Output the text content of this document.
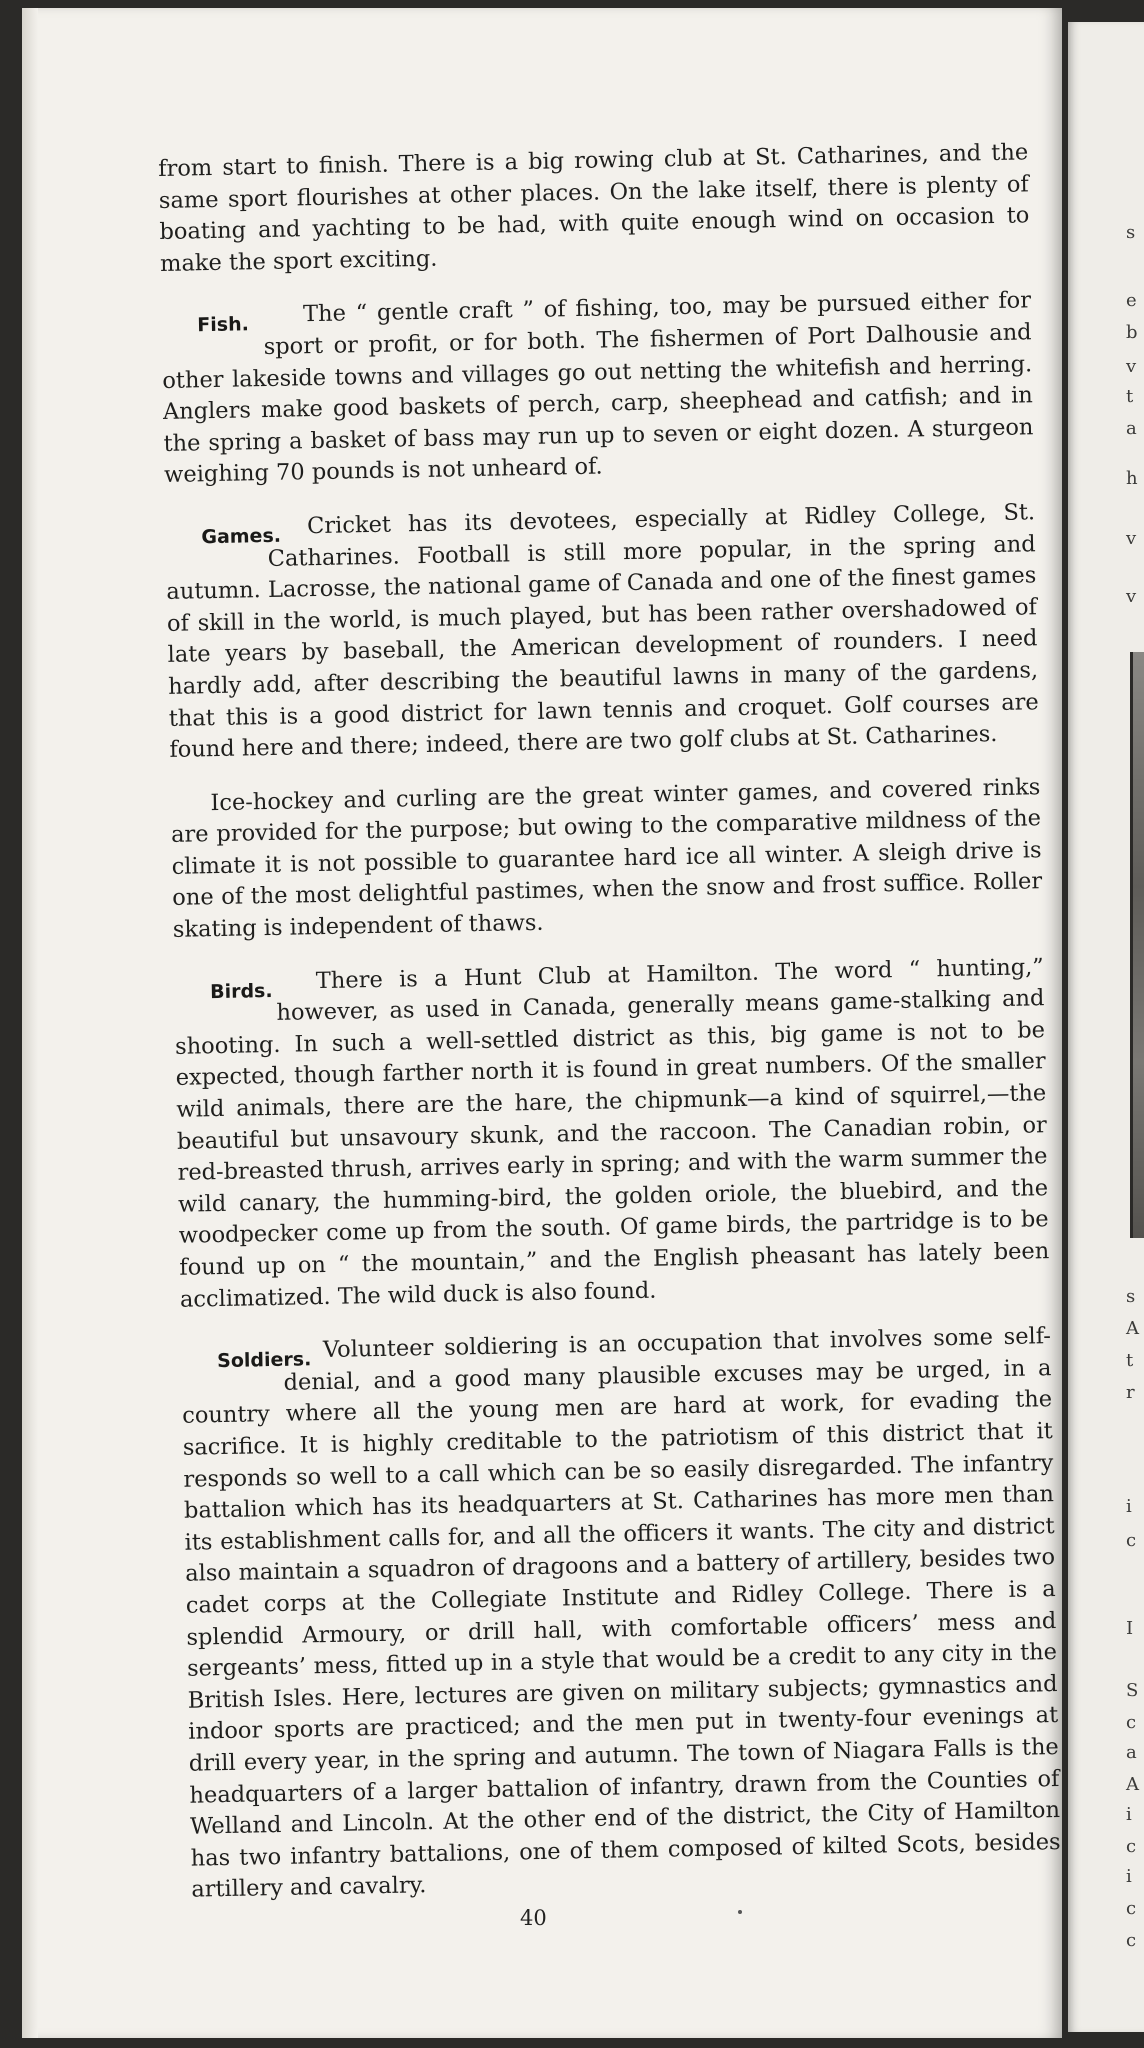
from start to finish. There is a big rowing club at St. Catharines, and the same sport flourishes at other places. On the lake itself, there is plenty of boating and yachting to be had, with quite enough wind on occasion to make the sport exciting.

Fish. The “ gentle craft ” of fishing, too, may be pursued either for sport or profit, or for both. The fishermen of Port Dalhousie and other lakeside towns and villages go out netting the whitefish and herring. Anglers make good baskets of perch, carp, sheephead and catfish; and in the spring a basket of bass may run up to seven or eight dozen. A sturgeon weighing 70 pounds is not unheard of.

Games. Cricket has its devotees, especially at Ridley College, St. Catharines. Football is still more popular, in the spring and autumn. Lacrosse, the national game of Canada and one of the finest games of skill in the world, is much played, but has been rather overshadowed of late years by baseball, the American development of rounders. I need hardly add, after describing the beautiful lawns in many of the gardens, that this is a good district for lawn tennis and croquet. Golf courses are found here and there; indeed, there are two golf clubs at St. Catharines.

Ice-hockey and curling are the great winter games, and covered rinks are provided for the purpose; but owing to the comparative mildness of the climate it is not possible to guarantee hard ice all winter. A sleigh drive is one of the most delightful pastimes, when the snow and frost suffice. Roller skating is independent of thaws.

Birds. There is a Hunt Club at Hamilton. The word “ hunting,” however, as used in Canada, generally means game-stalking and shooting. In such a well-settled district as this, big game is not to be expected, though farther north it is found in great numbers. Of the smaller wild animals, there are the hare, the chipmunk—a kind of squirrel,—the beautiful but unsavoury skunk, and the raccoon. The Canadian robin, or red-breasted thrush, arrives early in spring; and with the warm summer the wild canary, the humming-bird, the golden oriole, the bluebird, and the woodpecker come up from the south. Of game birds, the partridge is to be found up on “ the mountain,” and the English pheasant has lately been acclimatized. The wild duck is also found.

Soldiers. Volunteer soldiering is an occupation that involves some self-denial, and a good many plausible excuses may be urged, in a country where all the young men are hard at work, for evading the sacrifice. It is highly creditable to the patriotism of this district that it responds so well to a call which can be so easily disregarded. The infantry battalion which has its headquarters at St. Catharines has more men than its establishment calls for, and all the officers it wants. The city and district also maintain a squadron of dragoons and a battery of artillery, besides two cadet corps at the Collegiate Institute and Ridley College. There is a splendid Armoury, or drill hall, with comfortable officers’ mess and sergeants’ mess, fitted up in a style that would be a credit to any city in the British Isles. Here, lectures are given on military subjects; gymnastics and indoor sports are practiced; and the men put in twenty-four evenings at drill every year, in the spring and autumn. The town of Niagara Falls is the headquarters of a larger battalion of infantry, drawn from the Counties of Welland and Lincoln. At the other end of the district, the City of Hamilton has two infantry battalions, one of them composed of kilted Scots, besides artillery and cavalry.

40
s
e
b
v
t
a
h
v
v
s
A
t
r
i
c
I
S
c
a
A
i
c
i
c
c
